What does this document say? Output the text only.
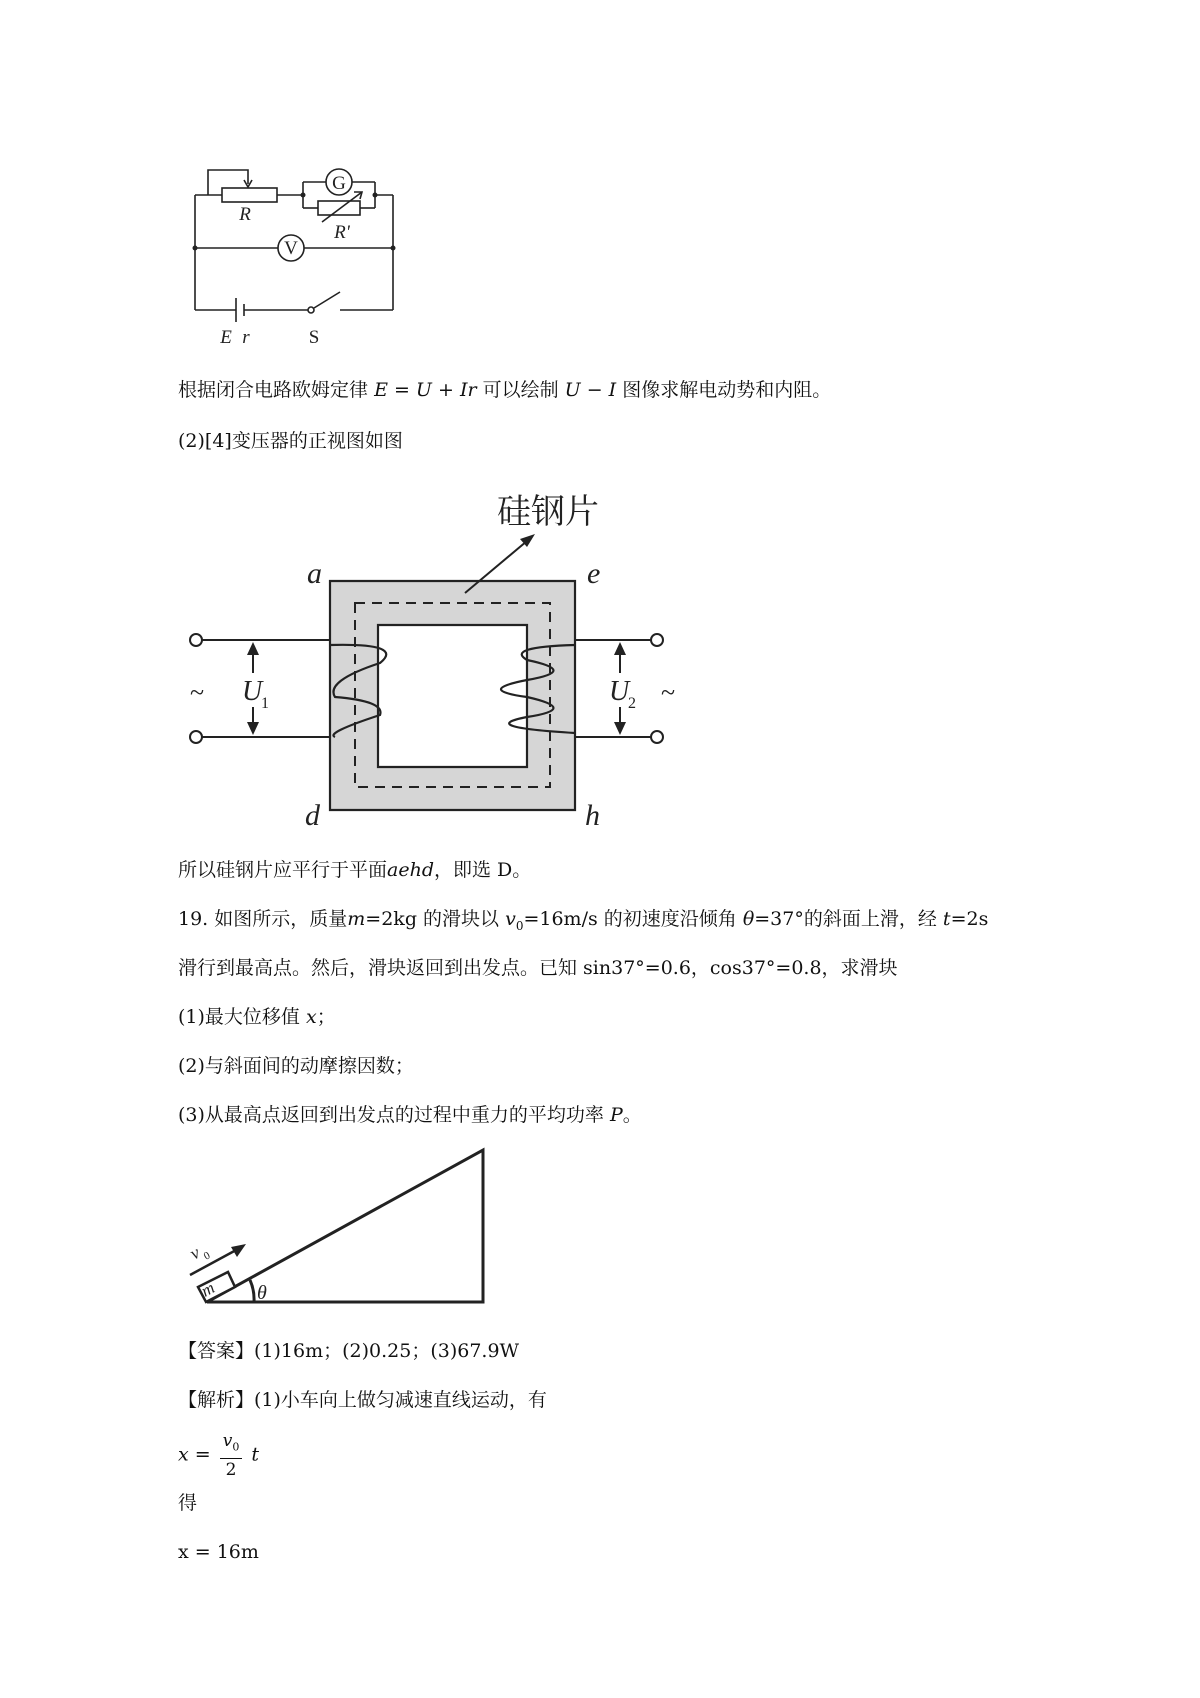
G
V
R
R'
E r	S
根据闭合电路欧姆定律 E = U + Ir 可以绘制 U − I 图像求解电动势和内阻。
(2)[4]变压器的正视图如图
硅钢片
a	e
d	h
U
1	U
2
~	~
所以硅钢片应平行于平面aehd，即选 D。
19. 如图所示，质量m=2kg 的滑块以 $v_0=16m/s$ 的初速度沿倾角 θ=37°的斜面上滑，经 t=2s
滑行到最高点。然后，滑块返回到出发点。已知 sin37°=0.6，cos37°=0.8，求滑块
(1)最大位移值 x；
(2)与斜面间的动摩擦因数；
(3)从最高点返回到出发点的过程中重力的平均功率 P。
v
0
m θ
【答案】(1)16m；(2)0.25；(3)67.9W
【解析】(1)小车向上做匀减速直线运动，有
$x = \frac{v_0}{2}$ t
得
x = 16m
